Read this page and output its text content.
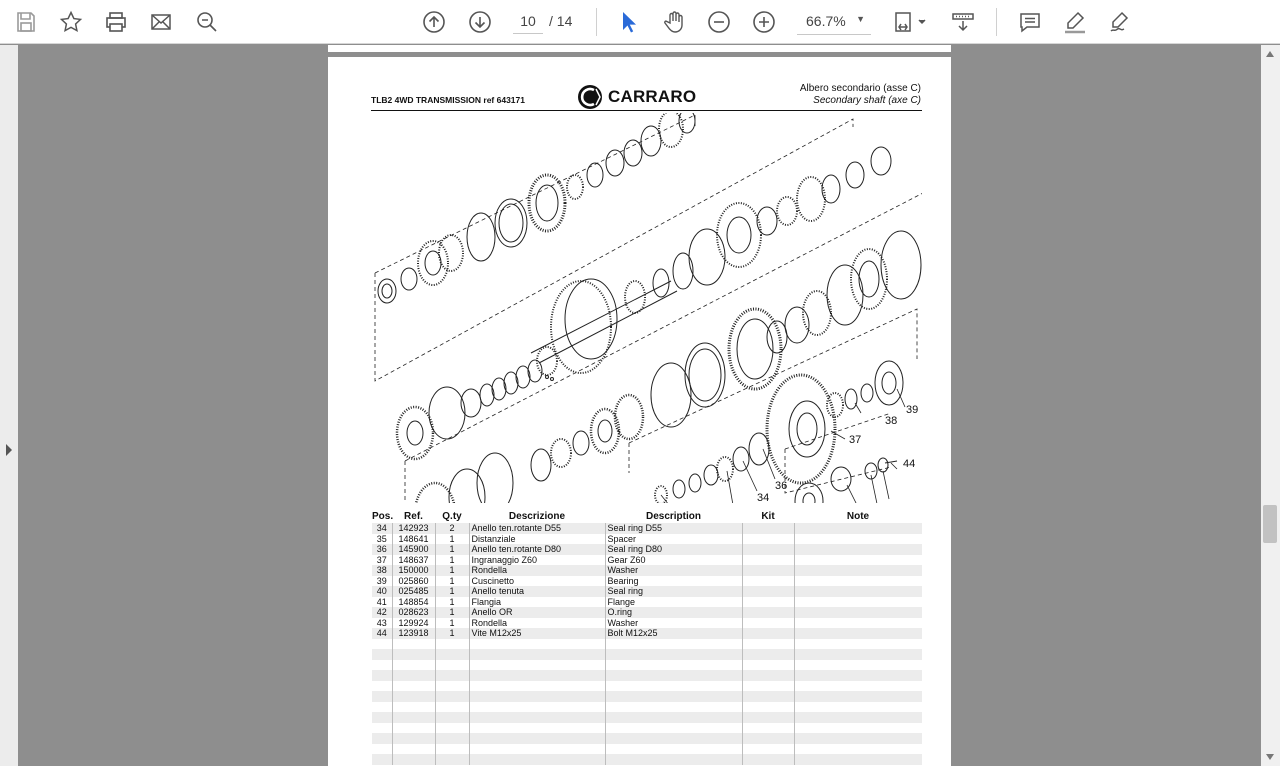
10
/ 14	66.7% ▼
TLB2 4WD TRANSMISSION ref 643171	CARRARO	Albero secondario (asse C)
Secondary shaft (axe C)
34
36
37
38
39
44
Pos.	Ref.	Q.ty	Descrizione	Description	Kit	Note
34	142923	2	Anello ten.rotante D55	Seal ring D55		
35	148641	1	Distanziale	Spacer		
36	145900	1	Anello ten.rotante D80	Seal ring D80		
37	148637	1	Ingranaggio Z60	Gear Z60		
38	150000	1	Rondella	Washer		
39	025860	1	Cuscinetto	Bearing		
40	025485	1	Anello tenuta	Seal ring		
41	148854	1	Flangia	Flange		
42	028623	1	Anello OR	O.ring		
43	129924	1	Rondella	Washer		
44	123918	1	Vite M12x25	Bolt M12x25		
